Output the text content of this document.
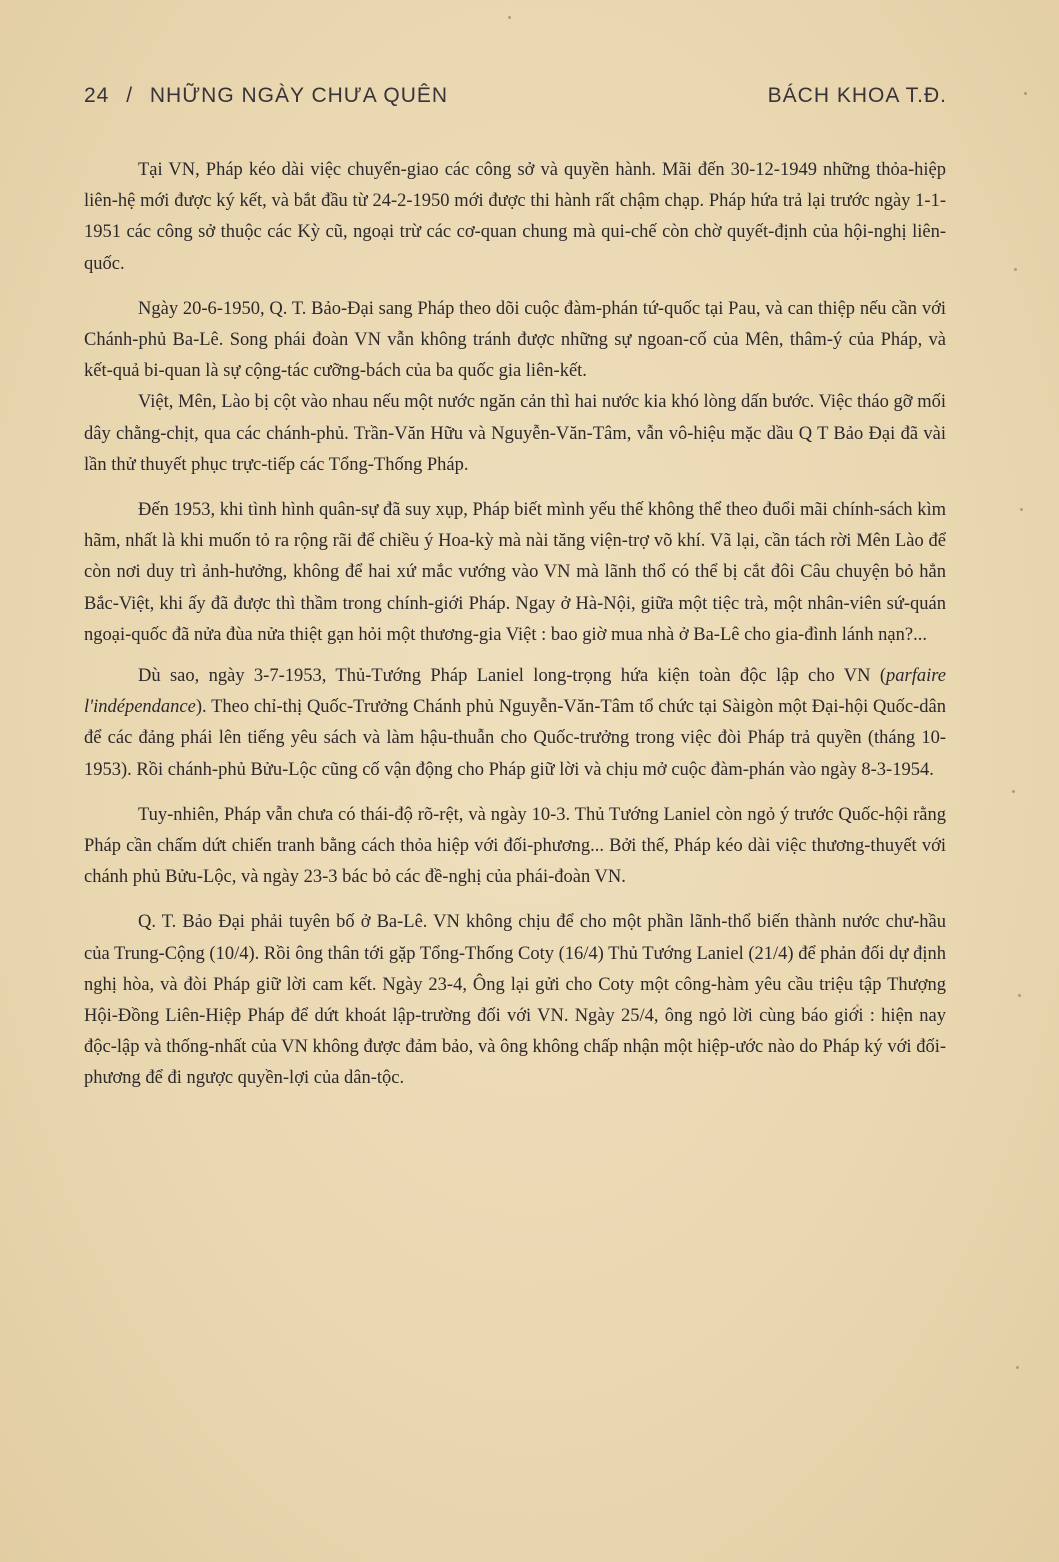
24 / NHỮNG NGÀY CHƯA QUÊN	BÁCH KHOA T.Đ.

Tại VN, Pháp kéo dài việc chuyển-giao các công sở và quyền hành. Mãi đến 30-12-1949 những thỏa-hiệp liên-hệ mới được ký kết, và bắt đầu từ 24-2-1950 mới được thi hành rất chậm chạp. Pháp hứa trả lại trước ngày 1-1-1951 các công sở thuộc các Kỳ cũ, ngoại trừ các cơ-quan chung mà qui-chế còn chờ quyết-định của hội-nghị liên-quốc.

Ngày 20-6-1950, Q. T. Bảo-Đại sang Pháp theo dõi cuộc đàm-phán tứ-quốc tại Pau, và can thiệp nếu cần với Chánh-phủ Ba-Lê. Song phái đoàn VN vẫn không tránh được những sự ngoan-cố của Mên, thâm-ý của Pháp, và kết-quả bi-quan là sự cộng-tác cưỡng-bách của ba quốc gia liên-kết.

Việt, Mên, Lào bị cột vào nhau nếu một nước ngăn cản thì hai nước kia khó lòng dấn bước. Việc tháo gỡ mối dây chằng-chịt, qua các chánh-phủ. Trần-Văn Hữu và Nguyễn-Văn-Tâm, vẫn vô-hiệu mặc dầu Q T Bảo Đại đã vài lần thử thuyết phục trực-tiếp các Tổng-Thống Pháp.

Đến 1953, khi tình hình quân-sự đã suy xụp, Pháp biết mình yếu thế không thể theo đuổi mãi chính-sách kìm hãm, nhất là khi muốn tỏ ra rộng rãi để chiều ý Hoa-kỳ mà nài tăng viện-trợ võ khí. Vã lại, cần tách rời Mên Lào để còn nơi duy trì ảnh-hưởng, không để hai xứ mắc vướng vào VN mà lãnh thổ có thể bị cắt đôi Câu chuyện bỏ hẳn Bắc-Việt, khi ấy đã được thì thầm trong chính-giới Pháp. Ngay ở Hà-Nội, giữa một tiệc trà, một nhân-viên sứ-quán ngoại-quốc đã nửa đùa nửa thiệt gạn hỏi một thương-gia Việt : bao giờ mua nhà ở Ba-Lê cho gia-đình lánh nạn?...

Dù sao, ngày 3-7-1953, Thủ-Tướng Pháp Laniel long-trọng hứa kiện toàn độc lập cho VN (parfaire l'indépendance). Theo chỉ-thị Quốc-Trưởng Chánh phủ Nguyễn-Văn-Tâm tổ chức tại Sàigòn một Đại-hội Quốc-dân để các đảng phái lên tiếng yêu sách và làm hậu-thuẫn cho Quốc-trưởng trong việc đòi Pháp trả quyền (tháng 10-1953). Rồi chánh-phủ Bửu-Lộc cũng cố vận động cho Pháp giữ lời và chịu mở cuộc đàm-phán vào ngày 8-3-1954.

Tuy-nhiên, Pháp vẫn chưa có thái-độ rõ-rệt, và ngày 10-3. Thủ Tướng Laniel còn ngỏ ý trước Quốc-hội rằng Pháp cần chấm dứt chiến tranh bằng cách thỏa hiệp với đối-phương... Bởi thế, Pháp kéo dài việc thương-thuyết với chánh phủ Bửu-Lộc, và ngày 23-3 bác bỏ các đề-nghị của phái-đoàn VN.

Q. T. Bảo Đại phải tuyên bố ở Ba-Lê. VN không chịu để cho một phần lãnh-thổ biến thành nước chư-hầu của Trung-Cộng (10/4). Rồi ông thân tới gặp Tổng-Thống Coty (16/4) Thủ Tướng Laniel (21/4) để phản đối dự định nghị hòa, và đòi Pháp giữ lời cam kết. Ngày 23-4, Ông lại gửi cho Coty một công-hàm yêu cầu triệu tập Thượng Hội-Đồng Liên-Hiệp Pháp để dứt khoát lập-trường đối với VN. Ngày 25/4, ông ngỏ lời cùng báo giới : hiện nay độc-lập và thống-nhất của VN không được đảm bảo, và ông không chấp nhận một hiệp-ước nào do Pháp ký với đối-phương để đi ngược quyền-lợi của dân-tộc.
